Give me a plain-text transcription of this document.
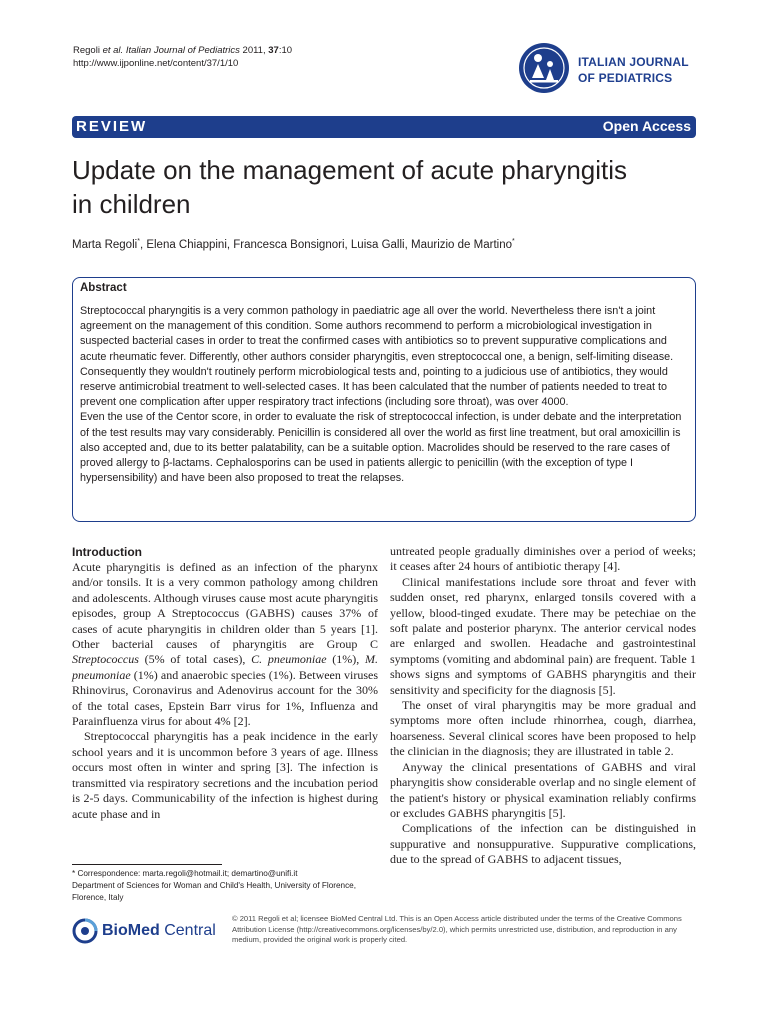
Regoli et al. Italian Journal of Pediatrics 2011, 37:10
http://www.ijponline.net/content/37/1/10	ITALIAN JOURNAL
OF PEDIATRICS
REVIEW	Open Access
Update on the management of acute pharyngitis
in children
Marta Regoli*, Elena Chiappini, Francesca Bonsignori, Luisa Galli, Maurizio de Martino*
Abstract
Streptococcal pharyngitis is a very common pathology in paediatric age all over the world. Nevertheless there isn't a joint agreement on the management of this condition. Some authors recommend to perform a microbiological investigation in suspected bacterial cases in order to treat the confirmed cases with antibiotics so to prevent suppurative complications and acute rheumatic fever. Differently, other authors consider pharyngitis, even streptococcal one, a benign, self-limiting disease. Consequently they wouldn't routinely perform microbiological tests and, pointing to a judicious use of antibiotics, they would reserve antimicrobial treatment to well-selected cases. It has been calculated that the number of patients needed to treat to prevent one complication after upper respiratory tract infections (including sore throat), was over 4000.
Even the use of the Centor score, in order to evaluate the risk of streptococcal infection, is under debate and the interpretation of the test results may vary considerably. Penicillin is considered all over the world as first line treatment, but oral amoxicillin is also accepted and, due to its better palatability, can be a suitable option. Macrolides should be reserved to the rare cases of proved allergy to β-lactams. Cephalosporins can be used in patients allergic to penicillin (with the exception of type I hypersensibility) and have been also proposed to treat the relapses.
Introduction

Acute pharyngitis is defined as an infection of the pharynx and/or tonsils. It is a very common pathology among children and adolescents. Although viruses cause most acute pharyngitis episodes, group A Streptococcus (GABHS) causes 37% of cases of acute pharyngitis in children older than 5 years [1]. Other bacterial causes of pharyngitis are Group C Streptococcus (5% of total cases), C. pneumoniae (1%), M. pneumoniae (1%) and anaerobic species (1%). Between viruses Rhinovirus, Coronavirus and Adenovirus account for the 30% of the total cases, Epstein Barr virus for 1%, Influenza and Parainfluenza virus for about 4% [2].

Streptococcal pharyngitis has a peak incidence in the early school years and it is uncommon before 3 years of age. Illness occurs most often in winter and spring [3]. The infection is transmitted via respiratory secretions and the incubation period is 2-5 days. Communicability of the infection is highest during acute phase and in

untreated people gradually diminishes over a period of weeks; it ceases after 24 hours of antibiotic therapy [4].

Clinical manifestations include sore throat and fever with sudden onset, red pharynx, enlarged tonsils covered with a yellow, blood-tinged exudate. There may be petechiae on the soft palate and posterior pharynx. The anterior cervical nodes are enlarged and swollen. Headache and gastrointestinal symptoms (vomiting and abdominal pain) are frequent. Table 1 shows signs and symptoms of GABHS pharyngitis and their sensitivity and specificity for the diagnosis [5].

The onset of viral pharyngitis may be more gradual and symptoms more often include rhinorrhea, cough, diarrhea, hoarseness. Several clinical scores have been proposed to help the clinician in the diagnosis; they are illustrated in table 2.

Anyway the clinical presentations of GABHS and viral pharyngitis show considerable overlap and no single element of the patient's history or physical examination reliably confirms or excludes GABHS pharyngitis [5].

Complications of the infection can be distinguished in suppurative and nonsuppurative. Suppurative complications, due to the spread of GABHS to adjacent tissues,

* Correspondence: marta.regoli@hotmail.it; demartino@unifi.it
Department of Sciences for Woman and Child's Health, University of Florence, Florence, Italy
BioMed Central
© 2011 Regoli et al; licensee BioMed Central Ltd. This is an Open Access article distributed under the terms of the Creative Commons Attribution License (http://creativecommons.org/licenses/by/2.0), which permits unrestricted use, distribution, and reproduction in any medium, provided the original work is properly cited.
